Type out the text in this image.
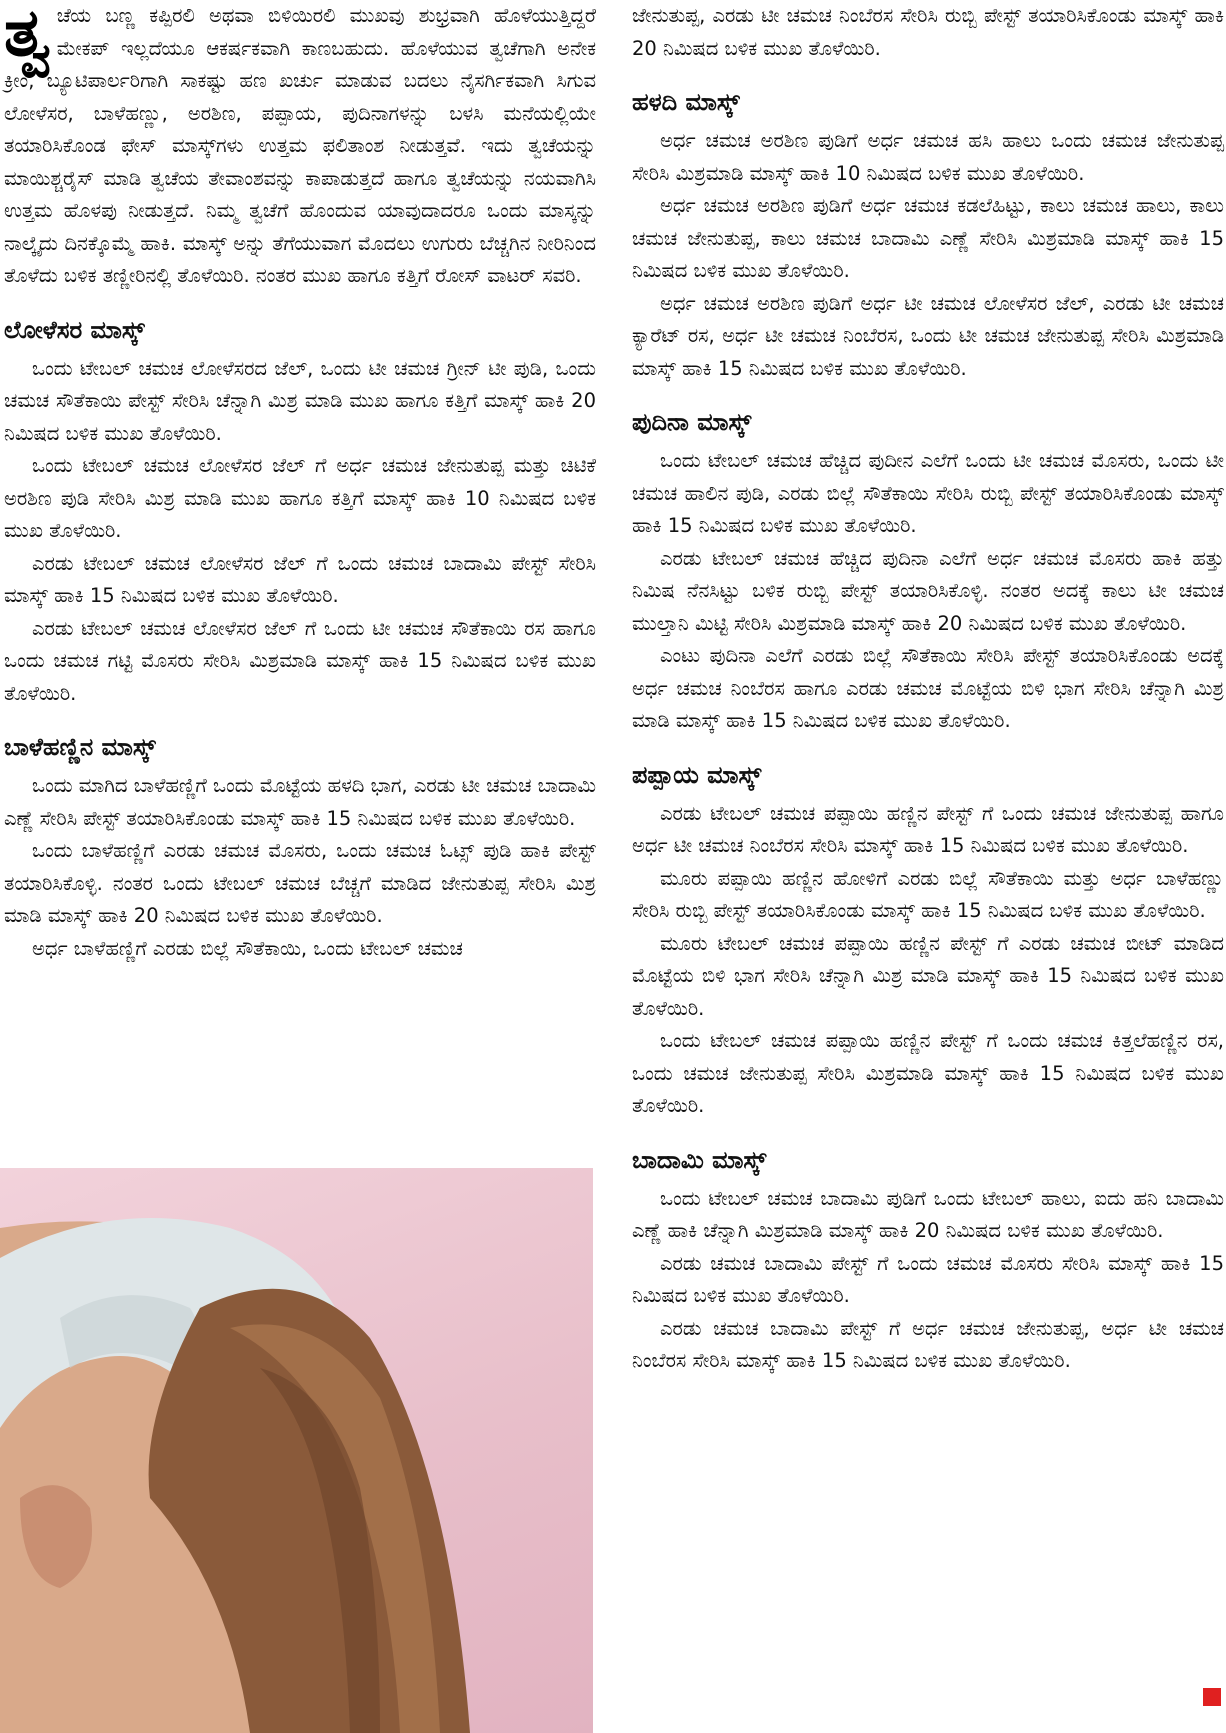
ತ್ವ ಚೆಯ ಬಣ್ಣ ಕಪ್ಪಿರಲಿ ಅಥವಾ ಬಿಳಿಯಿರಲಿ ಮುಖವು ಶುಭ್ರವಾಗಿ ಹೊಳೆಯುತ್ತಿದ್ದರೆ ಮೇಕಪ್ ಇಲ್ಲದೆಯೂ ಆಕರ್ಷಕವಾಗಿ ಕಾಣಬಹುದು. ಹೊಳೆಯುವ ತ್ವಚೆಗಾಗಿ ಅನೇಕ ಕ್ರೀಂ, ಬ್ಯೂಟಿಪಾರ್ಲರಿಗಾಗಿ ಸಾಕಷ್ಟು ಹಣ ಖರ್ಚು ಮಾಡುವ ಬದಲು ನೈಸರ್ಗಿಕವಾಗಿ ಸಿಗುವ ಲೋಳೆಸರ, ಬಾಳೆಹಣ್ಣು, ಅರಶಿಣ, ಪಪ್ಪಾಯ, ಪುದಿನಾಗಳನ್ನು ಬಳಸಿ ಮನೆಯಲ್ಲಿಯೇ ತಯಾರಿಸಿಕೊಂಡ ಫೇಸ್ ಮಾಸ್ಕ್‌ಗಳು ಉತ್ತಮ ಫಲಿತಾಂಶ ನೀಡುತ್ತವೆ. ಇದು ತ್ವಚೆಯನ್ನು ಮಾಯಿಶ್ಚರೈಸ್ ಮಾಡಿ ತ್ವಚೆಯ ತೇವಾಂಶವನ್ನು ಕಾಪಾಡುತ್ತದೆ ಹಾಗೂ ತ್ವಚೆಯನ್ನು ನಯವಾಗಿಸಿ ಉತ್ತಮ ಹೊಳಪು ನೀಡುತ್ತದೆ. ನಿಮ್ಮ ತ್ವಚೆಗೆ ಹೊಂದುವ ಯಾವುದಾದರೂ ಒಂದು ಮಾಸ್ಕನ್ನು ನಾಲ್ಕೈದು ದಿನಕ್ಕೊಮ್ಮೆ ಹಾಕಿ. ಮಾಸ್ಕ್ ಅನ್ನು ತೆಗೆಯುವಾಗ ಮೊದಲು ಉಗುರು ಬೆಚ್ಚಗಿನ ನೀರಿನಿಂದ ತೊಳೆದು ಬಳಿಕ ತಣ್ಣೀರಿನಲ್ಲಿ ತೊಳೆಯಿರಿ. ನಂತರ ಮುಖ ಹಾಗೂ ಕತ್ತಿಗೆ ರೋಸ್ ವಾಟರ್ ಸವರಿ.

ಲೋಳೆಸರ ಮಾಸ್ಕ್

ಒಂದು ಟೇಬಲ್ ಚಮಚ ಲೋಳೆಸರದ ಜೆಲ್, ಒಂದು ಟೀ ಚಮಚ ಗ್ರೀನ್ ಟೀ ಪುಡಿ, ಒಂದು ಚಮಚ ಸೌತೆಕಾಯಿ ಪೇಸ್ಟ್ ಸೇರಿಸಿ ಚೆನ್ನಾಗಿ ಮಿಶ್ರ ಮಾಡಿ ಮುಖ ಹಾಗೂ ಕತ್ತಿಗೆ ಮಾಸ್ಕ್ ಹಾಕಿ 20 ನಿಮಿಷದ ಬಳಿಕ ಮುಖ ತೊಳೆಯಿರಿ.

ಒಂದು ಟೇಬಲ್ ಚಮಚ ಲೋಳೆಸರ ಜೆಲ್ ಗೆ ಅರ್ಧ ಚಮಚ ಜೇನುತುಪ್ಪ ಮತ್ತು ಚಿಟಿಕೆ ಅರಶಿಣ ಪುಡಿ ಸೇರಿಸಿ ಮಿಶ್ರ ಮಾಡಿ ಮುಖ ಹಾಗೂ ಕತ್ತಿಗೆ ಮಾಸ್ಕ್ ಹಾಕಿ 10 ನಿಮಿಷದ ಬಳಿಕ ಮುಖ ತೊಳೆಯಿರಿ.

ಎರಡು ಟೇಬಲ್ ಚಮಚ ಲೋಳೆಸರ ಜೆಲ್ ಗೆ ಒಂದು ಚಮಚ ಬಾದಾಮಿ ಪೇಸ್ಟ್ ಸೇರಿಸಿ ಮಾಸ್ಕ್ ಹಾಕಿ 15 ನಿಮಿಷದ ಬಳಿಕ ಮುಖ ತೊಳೆಯಿರಿ.

ಎರಡು ಟೇಬಲ್ ಚಮಚ ಲೋಳೆಸರ ಜೆಲ್ ಗೆ ಒಂದು ಟೀ ಚಮಚ ಸೌತೆಕಾಯಿ ರಸ ಹಾಗೂ ಒಂದು ಚಮಚ ಗಟ್ಟಿ ಮೊಸರು ಸೇರಿಸಿ ಮಿಶ್ರಮಾಡಿ ಮಾಸ್ಕ್ ಹಾಕಿ 15 ನಿಮಿಷದ ಬಳಿಕ ಮುಖ ತೊಳೆಯಿರಿ.

ಬಾಳೆಹಣ್ಣಿನ ಮಾಸ್ಕ್

ಒಂದು ಮಾಗಿದ ಬಾಳೆಹಣ್ಣಿಗೆ ಒಂದು ಮೊಟ್ಟೆಯ ಹಳದಿ ಭಾಗ, ಎರಡು ಟೀ ಚಮಚ ಬಾದಾಮಿ ಎಣ್ಣೆ ಸೇರಿಸಿ ಪೇಸ್ಟ್ ತಯಾರಿಸಿಕೊಂಡು ಮಾಸ್ಕ್ ಹಾಕಿ 15 ನಿಮಿಷದ ಬಳಿಕ ಮುಖ ತೊಳೆಯಿರಿ.

ಒಂದು ಬಾಳೆಹಣ್ಣಿಗೆ ಎರಡು ಚಮಚ ಮೊಸರು, ಒಂದು ಚಮಚ ಓಟ್ಸ್ ಪುಡಿ ಹಾಕಿ ಪೇಸ್ಟ್ ತಯಾರಿಸಿಕೊಳ್ಳಿ. ನಂತರ ಒಂದು ಟೇಬಲ್ ಚಮಚ ಬೆಚ್ಚಗೆ ಮಾಡಿದ ಜೇನುತುಪ್ಪ ಸೇರಿಸಿ ಮಿಶ್ರ ಮಾಡಿ ಮಾಸ್ಕ್ ಹಾಕಿ 20 ನಿಮಿಷದ ಬಳಿಕ ಮುಖ ತೊಳೆಯಿರಿ.

ಅರ್ಧ ಬಾಳೆಹಣ್ಣಿಗೆ ಎರಡು ಬಿಲ್ಲೆ ಸೌತೆಕಾಯಿ, ಒಂದು ಟೇಬಲ್ ಚಮಚ

ಜೇನುತುಪ್ಪ, ಎರಡು ಟೀ ಚಮಚ ನಿಂಬೆರಸ ಸೇರಿಸಿ ರುಬ್ಬಿ ಪೇಸ್ಟ್ ತಯಾರಿಸಿಕೊಂಡು ಮಾಸ್ಕ್ ಹಾಕಿ 20 ನಿಮಿಷದ ಬಳಿಕ ಮುಖ ತೊಳೆಯಿರಿ.

ಹಳದಿ ಮಾಸ್ಕ್

ಅರ್ಧ ಚಮಚ ಅರಶಿಣ ಪುಡಿಗೆ ಅರ್ಧ ಚಮಚ ಹಸಿ ಹಾಲು ಒಂದು ಚಮಚ ಜೇನುತುಪ್ಪ ಸೇರಿಸಿ ಮಿಶ್ರಮಾಡಿ ಮಾಸ್ಕ್ ಹಾಕಿ 10 ನಿಮಿಷದ ಬಳಿಕ ಮುಖ ತೊಳೆಯಿರಿ.

ಅರ್ಧ ಚಮಚ ಅರಶಿಣ ಪುಡಿಗೆ ಅರ್ಧ ಚಮಚ ಕಡಲೆಹಿಟ್ಟು, ಕಾಲು ಚಮಚ ಹಾಲು, ಕಾಲು ಚಮಚ ಜೇನುತುಪ್ಪ, ಕಾಲು ಚಮಚ ಬಾದಾಮಿ ಎಣ್ಣೆ ಸೇರಿಸಿ ಮಿಶ್ರಮಾಡಿ ಮಾಸ್ಕ್ ಹಾಕಿ 15 ನಿಮಿಷದ ಬಳಿಕ ಮುಖ ತೊಳೆಯಿರಿ.

ಅರ್ಧ ಚಮಚ ಅರಶಿಣ ಪುಡಿಗೆ ಅರ್ಧ ಟೀ ಚಮಚ ಲೋಳೆಸರ ಜೆಲ್, ಎರಡು ಟೀ ಚಮಚ ಕ್ಯಾರೆಟ್ ರಸ, ಅರ್ಧ ಟೀ ಚಮಚ ನಿಂಬೆರಸ, ಒಂದು ಟೀ ಚಮಚ ಜೇನುತುಪ್ಪ ಸೇರಿಸಿ ಮಿಶ್ರಮಾಡಿ ಮಾಸ್ಕ್ ಹಾಕಿ 15 ನಿಮಿಷದ ಬಳಿಕ ಮುಖ ತೊಳೆಯಿರಿ.

ಪುದಿನಾ ಮಾಸ್ಕ್

ಒಂದು ಟೇಬಲ್ ಚಮಚ ಹೆಚ್ಚಿದ ಪುದೀನ ಎಲೆಗೆ ಒಂದು ಟೀ ಚಮಚ ಮೊಸರು, ಒಂದು ಟೀ ಚಮಚ ಹಾಲಿನ ಪುಡಿ, ಎರಡು ಬಿಲ್ಲೆ ಸೌತೆಕಾಯಿ ಸೇರಿಸಿ ರುಬ್ಬಿ ಪೇಸ್ಟ್ ತಯಾರಿಸಿಕೊಂಡು ಮಾಸ್ಕ್ ಹಾಕಿ 15 ನಿಮಿಷದ ಬಳಿಕ ಮುಖ ತೊಳೆಯಿರಿ.

ಎರಡು ಟೇಬಲ್ ಚಮಚ ಹೆಚ್ಚಿದ ಪುದಿನಾ ಎಲೆಗೆ ಅರ್ಧ ಚಮಚ ಮೊಸರು ಹಾಕಿ ಹತ್ತು ನಿಮಿಷ ನೆನಸಿಟ್ಟು ಬಳಿಕ ರುಬ್ಬಿ ಪೇಸ್ಟ್ ತಯಾರಿಸಿಕೊಳ್ಳಿ. ನಂತರ ಅದಕ್ಕೆ ಕಾಲು ಟೀ ಚಮಚ ಮುಲ್ತಾನಿ ಮಿಟ್ಟಿ ಸೇರಿಸಿ ಮಿಶ್ರಮಾಡಿ ಮಾಸ್ಕ್ ಹಾಕಿ 20 ನಿಮಿಷದ ಬಳಿಕ ಮುಖ ತೊಳೆಯಿರಿ.

ಎಂಟು ಪುದಿನಾ ಎಲೆಗೆ ಎರಡು ಬಿಲ್ಲೆ ಸೌತೆಕಾಯಿ ಸೇರಿಸಿ ಪೇಸ್ಟ್ ತಯಾರಿಸಿಕೊಂಡು ಅದಕ್ಕೆ ಅರ್ಧ ಚಮಚ ನಿಂಬೆರಸ ಹಾಗೂ ಎರಡು ಚಮಚ ಮೊಟ್ಟೆಯ ಬಿಳಿ ಭಾಗ ಸೇರಿಸಿ ಚೆನ್ನಾಗಿ ಮಿಶ್ರ ಮಾಡಿ ಮಾಸ್ಕ್ ಹಾಕಿ 15 ನಿಮಿಷದ ಬಳಿಕ ಮುಖ ತೊಳೆಯಿರಿ.

ಪಪ್ಪಾಯ ಮಾಸ್ಕ್

ಎರಡು ಟೇಬಲ್ ಚಮಚ ಪಪ್ಪಾಯಿ ಹಣ್ಣಿನ ಪೇಸ್ಟ್ ಗೆ ಒಂದು ಚಮಚ ಜೇನುತುಪ್ಪ ಹಾಗೂ ಅರ್ಧ ಟೀ ಚಮಚ ನಿಂಬೆರಸ ಸೇರಿಸಿ ಮಾಸ್ಕ್ ಹಾಕಿ 15 ನಿಮಿಷದ ಬಳಿಕ ಮುಖ ತೊಳೆಯಿರಿ.

ಮೂರು ಪಪ್ಪಾಯಿ ಹಣ್ಣಿನ ಹೋಳಿಗೆ ಎರಡು ಬಿಲ್ಲೆ ಸೌತೆಕಾಯಿ ಮತ್ತು ಅರ್ಧ ಬಾಳೆಹಣ್ಣು ಸೇರಿಸಿ ರುಬ್ಬಿ ಪೇಸ್ಟ್ ತಯಾರಿಸಿಕೊಂಡು ಮಾಸ್ಕ್ ಹಾಕಿ 15 ನಿಮಿಷದ ಬಳಿಕ ಮುಖ ತೊಳೆಯಿರಿ.

ಮೂರು ಟೇಬಲ್ ಚಮಚ ಪಪ್ಪಾಯಿ ಹಣ್ಣಿನ ಪೇಸ್ಟ್ ಗೆ ಎರಡು ಚಮಚ ಬೀಟ್ ಮಾಡಿದ ಮೊಟ್ಟೆಯ ಬಿಳಿ ಭಾಗ ಸೇರಿಸಿ ಚೆನ್ನಾಗಿ ಮಿಶ್ರ ಮಾಡಿ ಮಾಸ್ಕ್ ಹಾಕಿ 15 ನಿಮಿಷದ ಬಳಿಕ ಮುಖ ತೊಳೆಯಿರಿ.

ಒಂದು ಟೇಬಲ್ ಚಮಚ ಪಪ್ಪಾಯಿ ಹಣ್ಣಿನ ಪೇಸ್ಟ್ ಗೆ ಒಂದು ಚಮಚ ಕಿತ್ತಲೆಹಣ್ಣಿನ ರಸ, ಒಂದು ಚಮಚ ಜೇನುತುಪ್ಪ ಸೇರಿಸಿ ಮಿಶ್ರಮಾಡಿ ಮಾಸ್ಕ್ ಹಾಕಿ 15 ನಿಮಿಷದ ಬಳಿಕ ಮುಖ ತೊಳೆಯಿರಿ.

ಬಾದಾಮಿ ಮಾಸ್ಕ್

ಒಂದು ಟೇಬಲ್ ಚಮಚ ಬಾದಾಮಿ ಪುಡಿಗೆ ಒಂದು ಟೇಬಲ್ ಹಾಲು, ಐದು ಹನಿ ಬಾದಾಮಿ ಎಣ್ಣೆ ಹಾಕಿ ಚೆನ್ನಾಗಿ ಮಿಶ್ರಮಾಡಿ ಮಾಸ್ಕ್ ಹಾಕಿ 20 ನಿಮಿಷದ ಬಳಿಕ ಮುಖ ತೊಳೆಯಿರಿ.

ಎರಡು ಚಮಚ ಬಾದಾಮಿ ಪೇಸ್ಟ್ ಗೆ ಒಂದು ಚಮಚ ಮೊಸರು ಸೇರಿಸಿ ಮಾಸ್ಕ್ ಹಾಕಿ 15 ನಿಮಿಷದ ಬಳಿಕ ಮುಖ ತೊಳೆಯಿರಿ.

ಎರಡು ಚಮಚ ಬಾದಾಮಿ ಪೇಸ್ಟ್ ಗೆ ಅರ್ಧ ಚಮಚ ಜೇನುತುಪ್ಪ, ಅರ್ಧ ಟೀ ಚಮಚ ನಿಂಬೆರಸ ಸೇರಿಸಿ ಮಾಸ್ಕ್ ಹಾಕಿ 15 ನಿಮಿಷದ ಬಳಿಕ ಮುಖ ತೊಳೆಯಿರಿ.
